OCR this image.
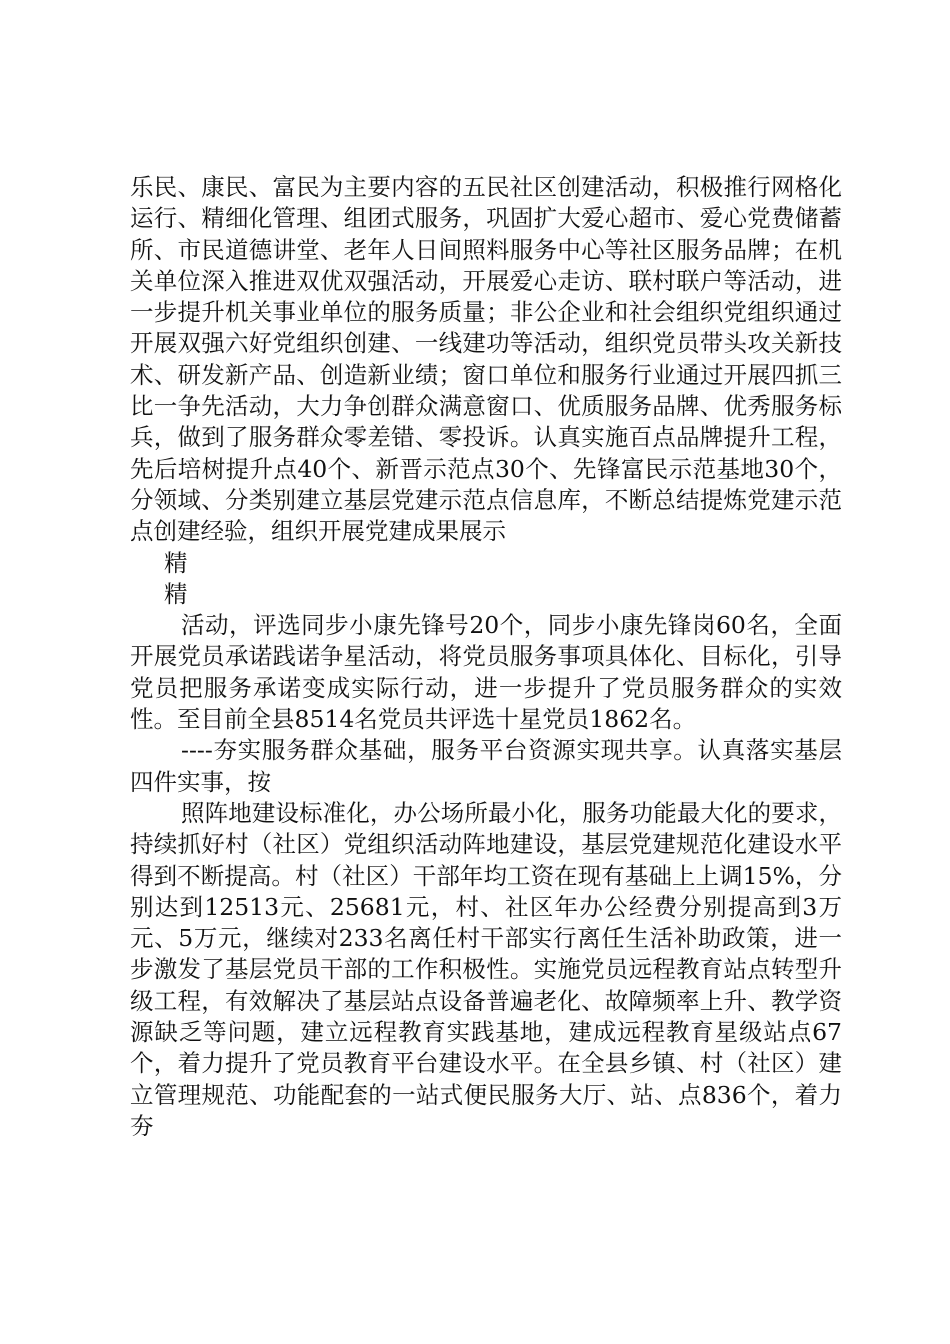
乐民、康民、富民为主要内容的五民社区创建活动，积极推行网格化运行、精细化管理、组团式服务，巩固扩大爱心超市、爱心党费储蓄所、市民道德讲堂、老年人日间照料服务中心等社区服务品牌；在机关单位深入推进双优双强活动，开展爱心走访、联村联户等活动，进一步提升机关事业单位的服务质量；非公企业和社会组织党组织通过开展双强六好党组织创建、一线建功等活动，组织党员带头攻关新技术、研发新产品、创造新业绩；窗口单位和服务行业通过开展四抓三比一争先活动，大力争创群众满意窗口、优质服务品牌、优秀服务标兵，做到了服务群众零差错、零投诉。认真实施百点品牌提升工程，先后培树提升点40个、新晋示范点30个、先锋富民示范基地30个，分领域、分类别建立基层党建示范点信息库，不断总结提炼党建示范点创建经验，组织开展党建成果展示

精

精

活动，评选同步小康先锋号20个，同步小康先锋岗60名，全面开展党员承诺践诺争星活动，将党员服务事项具体化、目标化，引导党员把服务承诺变成实际行动，进一步提升了党员服务群众的实效性。至目前全县8514名党员共评选十星党员1862名。

----夯实服务群众基础，服务平台资源实现共享。认真落实基层四件实事，按

照阵地建设标准化，办公场所最小化，服务功能最大化的要求，持续抓好村（社区）党组织活动阵地建设，基层党建规范化建设水平得到不断提高。村（社区）干部年均工资在现有基础上上调15%，分别达到12513元、25681元，村、社区年办公经费分别提高到3万元、5万元，继续对233名离任村干部实行离任生活补助政策，进一步激发了基层党员干部的工作积极性。实施党员远程教育站点转型升级工程，有效解决了基层站点设备普遍老化、故障频率上升、教学资源缺乏等问题，建立远程教育实践基地，建成远程教育星级站点67个，着力提升了党员教育平台建设水平。在全县乡镇、村（社区）建立管理规范、功能配套的一站式便民服务大厅、站、点836个，着力夯
